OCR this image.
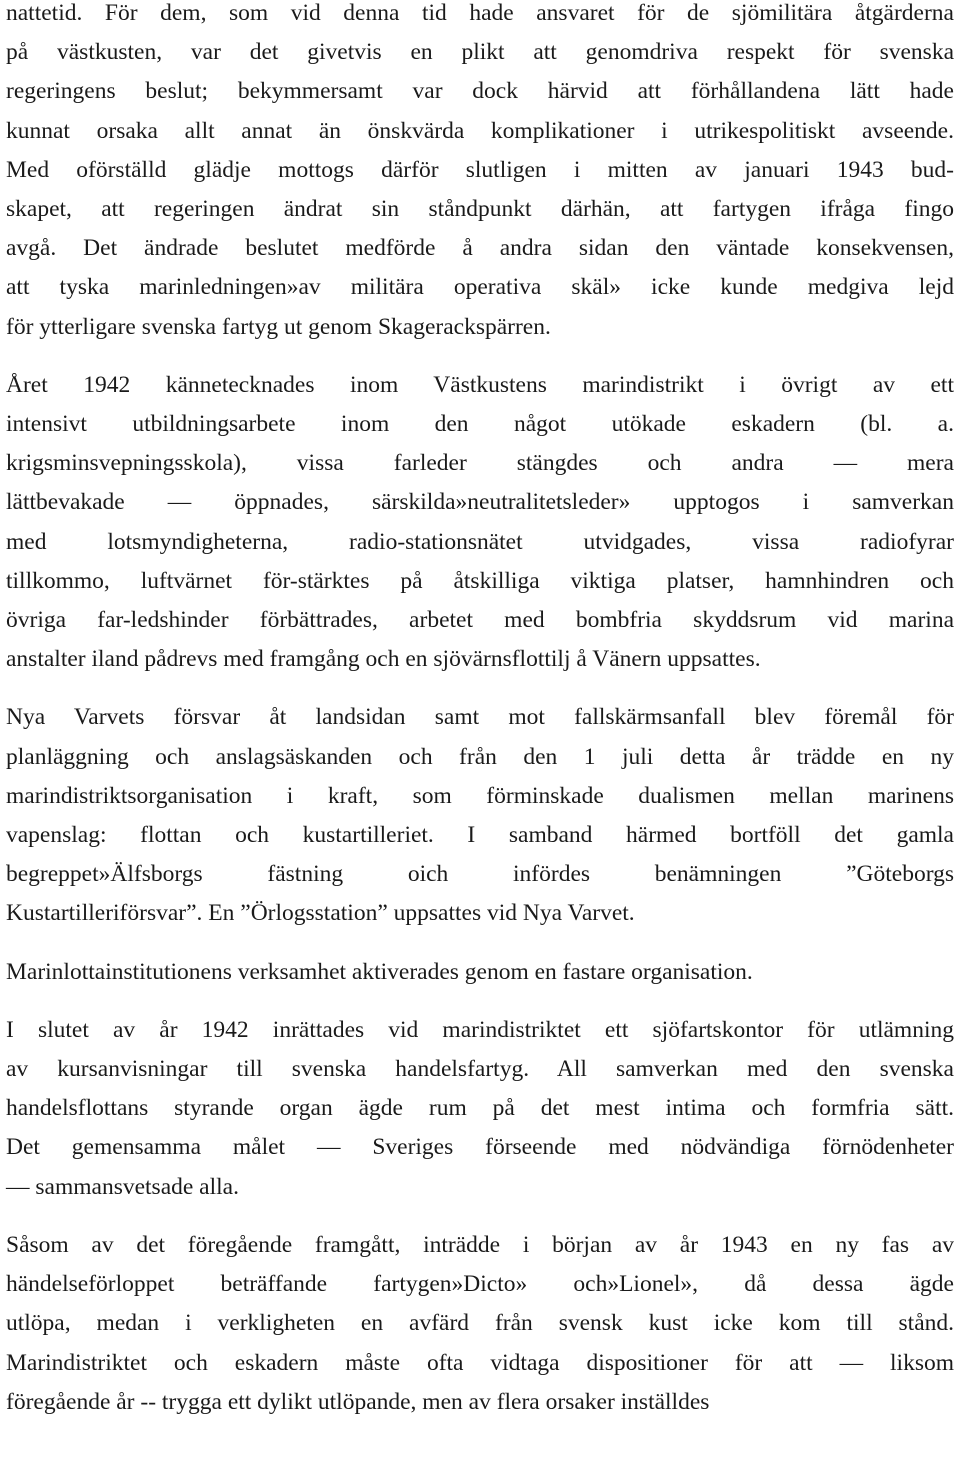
nattetid. För dem, som vid denna tid hade ansvaret för de sjömilitära åtgärderna
på västkusten, var det givetvis en plikt att genomdriva respekt för svenska
regeringens beslut; bekymmersamt var dock härvid att förhållandena lätt hade
kunnat orsaka allt annat än önskvärda komplikationer i utrikespolitiskt avseende.
Med oförställd glädje mottogs därför slutligen i mitten av januari 1943 bud-
skapet, att regeringen ändrat sin ståndpunkt därhän, att fartygen ifråga fingo
avgå. Det ändrade beslutet medförde å andra sidan den väntade konsekvensen,
att tyska marinledningen»av militära operativa skäl» icke kunde medgiva lejd
för ytterligare svenska fartyg ut genom Skagerackspärren.
Året 1942 kännetecknades inom Västkustens marindistrikt i övrigt av ett
intensivt utbildningsarbete inom den något utökade eskadern (bl. a.
krigsminsvepningsskola), vissa farleder stängdes och andra — mera
lättbevakade — öppnades, särskilda»neutralitetsleder» upptogos i samverkan
med lotsmyndigheterna, radio-stationsnätet utvidgades, vissa radiofyrar
tillkommo, luftvärnet för-stärktes på åtskilliga viktiga platser, hamnhindren och
övriga far-ledshinder förbättrades, arbetet med bombfria skyddsrum vid marina
anstalter iland pådrevs med framgång och en sjövärnsflottilj å Vänern uppsattes.
Nya Varvets försvar åt landsidan samt mot fallskärmsanfall blev föremål för
planläggning och anslagsäskanden och från den 1 juli detta år trädde en ny
marindistriktsorganisation i kraft, som förminskade dualismen mellan marinens
vapenslag: flottan och kustartilleriet. I samband härmed bortföll det gamla
begreppet»Älfsborgs fästning oich infördes benämningen ”Göteborgs
Kustartilleriförsvar”. En ”Örlogsstation” uppsattes vid Nya Varvet.
Marinlottainstitutionens verksamhet aktiverades genom en fastare organisation.
I slutet av år 1942 inrättades vid marindistriktet ett sjöfartskontor för utlämning
av kursanvisningar till svenska handelsfartyg. All samverkan med den svenska
handelsflottans styrande organ ägde rum på det mest intima och formfria sätt.
Det gemensamma målet — Sveriges förseende med nödvändiga förnödenheter
— sammansvetsade alla.
Såsom av det föregående framgått, inträdde i början av år 1943 en ny fas av
händelseförloppet beträffande fartygen»Dicto» och»Lionel», då dessa ägde
utlöpa, medan i verkligheten en avfärd från svensk kust icke kom till stånd.
Marindistriktet och eskadern måste ofta vidtaga dispositioner för att — liksom
föregående år -- trygga ett dylikt utlöpande, men av flera orsaker inställdes
